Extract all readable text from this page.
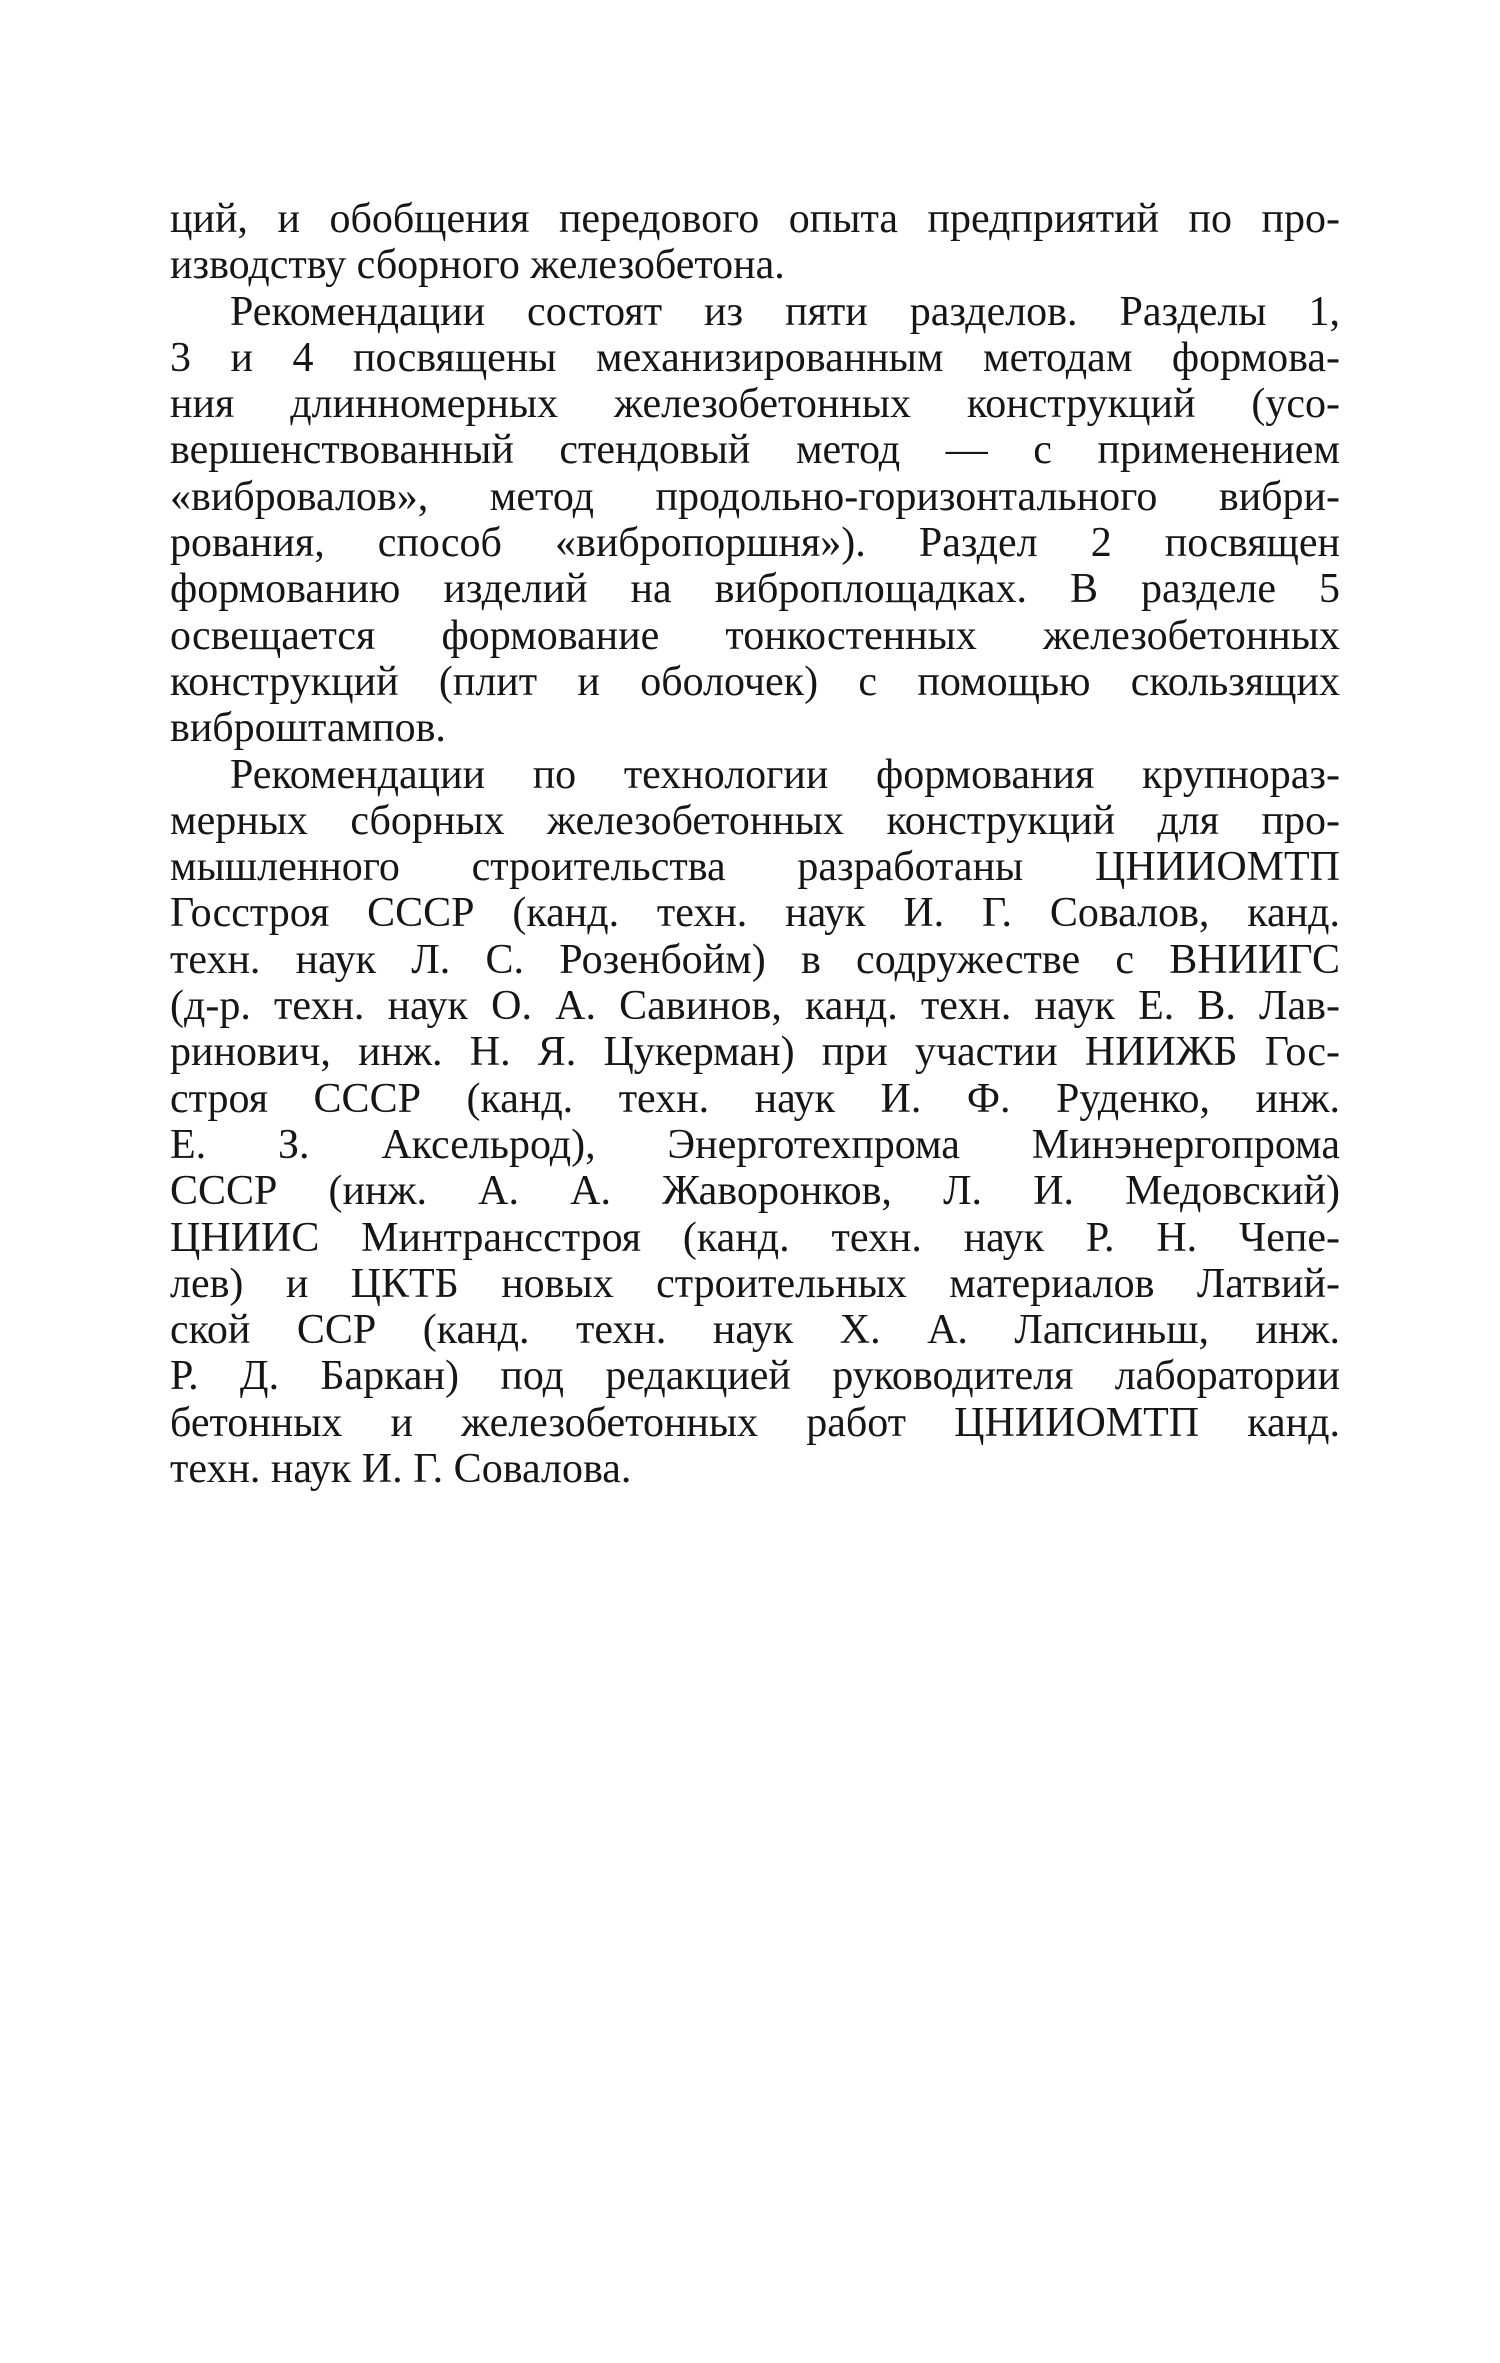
ций, и обобщения передового опыта предприятий по про-
изводству сборного железобетона.
Рекомендации состоят из пяти разделов. Разделы 1,
3 и 4 посвящены механизированным методам формова-
ния длинномерных железобетонных конструкций (усо-
вершенствованный стендовый метод — с применением
«вибровалов», метод продольно-горизонтального вибри-
рования, способ «вибропоршня»). Раздел 2 посвящен
формованию изделий на виброплощадках. В разделе 5
освещается формование тонкостенных железобетонных
конструкций (плит и оболочек) с помощью скользящих
виброштампов.
Рекомендации по технологии формования крупнораз-
мерных сборных железобетонных конструкций для про-
мышленного строительства разработаны ЦНИИОМТП
Госстроя СССР (канд. техн. наук И. Г. Совалов, канд.
техн. наук Л. С. Розенбойм) в содружестве с ВНИИГС
(д-р. техн. наук О. А. Савинов, канд. техн. наук Е. В. Лав-
ринович, инж. Н. Я. Цукерман) при участии НИИЖБ Гос-
строя СССР (канд. техн. наук И. Ф. Руденко, инж.
Е. З. Аксельрод), Энерготехпрома Минэнергопрома
СССР (инж. А. А. Жаворонков, Л. И. Медовский)
ЦНИИС Минтрансстроя (канд. техн. наук Р. Н. Чепе-
лев) и ЦКТБ новых строительных материалов Латвий-
ской ССР (канд. техн. наук Х. А. Лапсиньш, инж.
Р. Д. Баркан) под редакцией руководителя лаборатории
бетонных и железобетонных работ ЦНИИОМТП канд.
техн. наук И. Г. Совалова.
